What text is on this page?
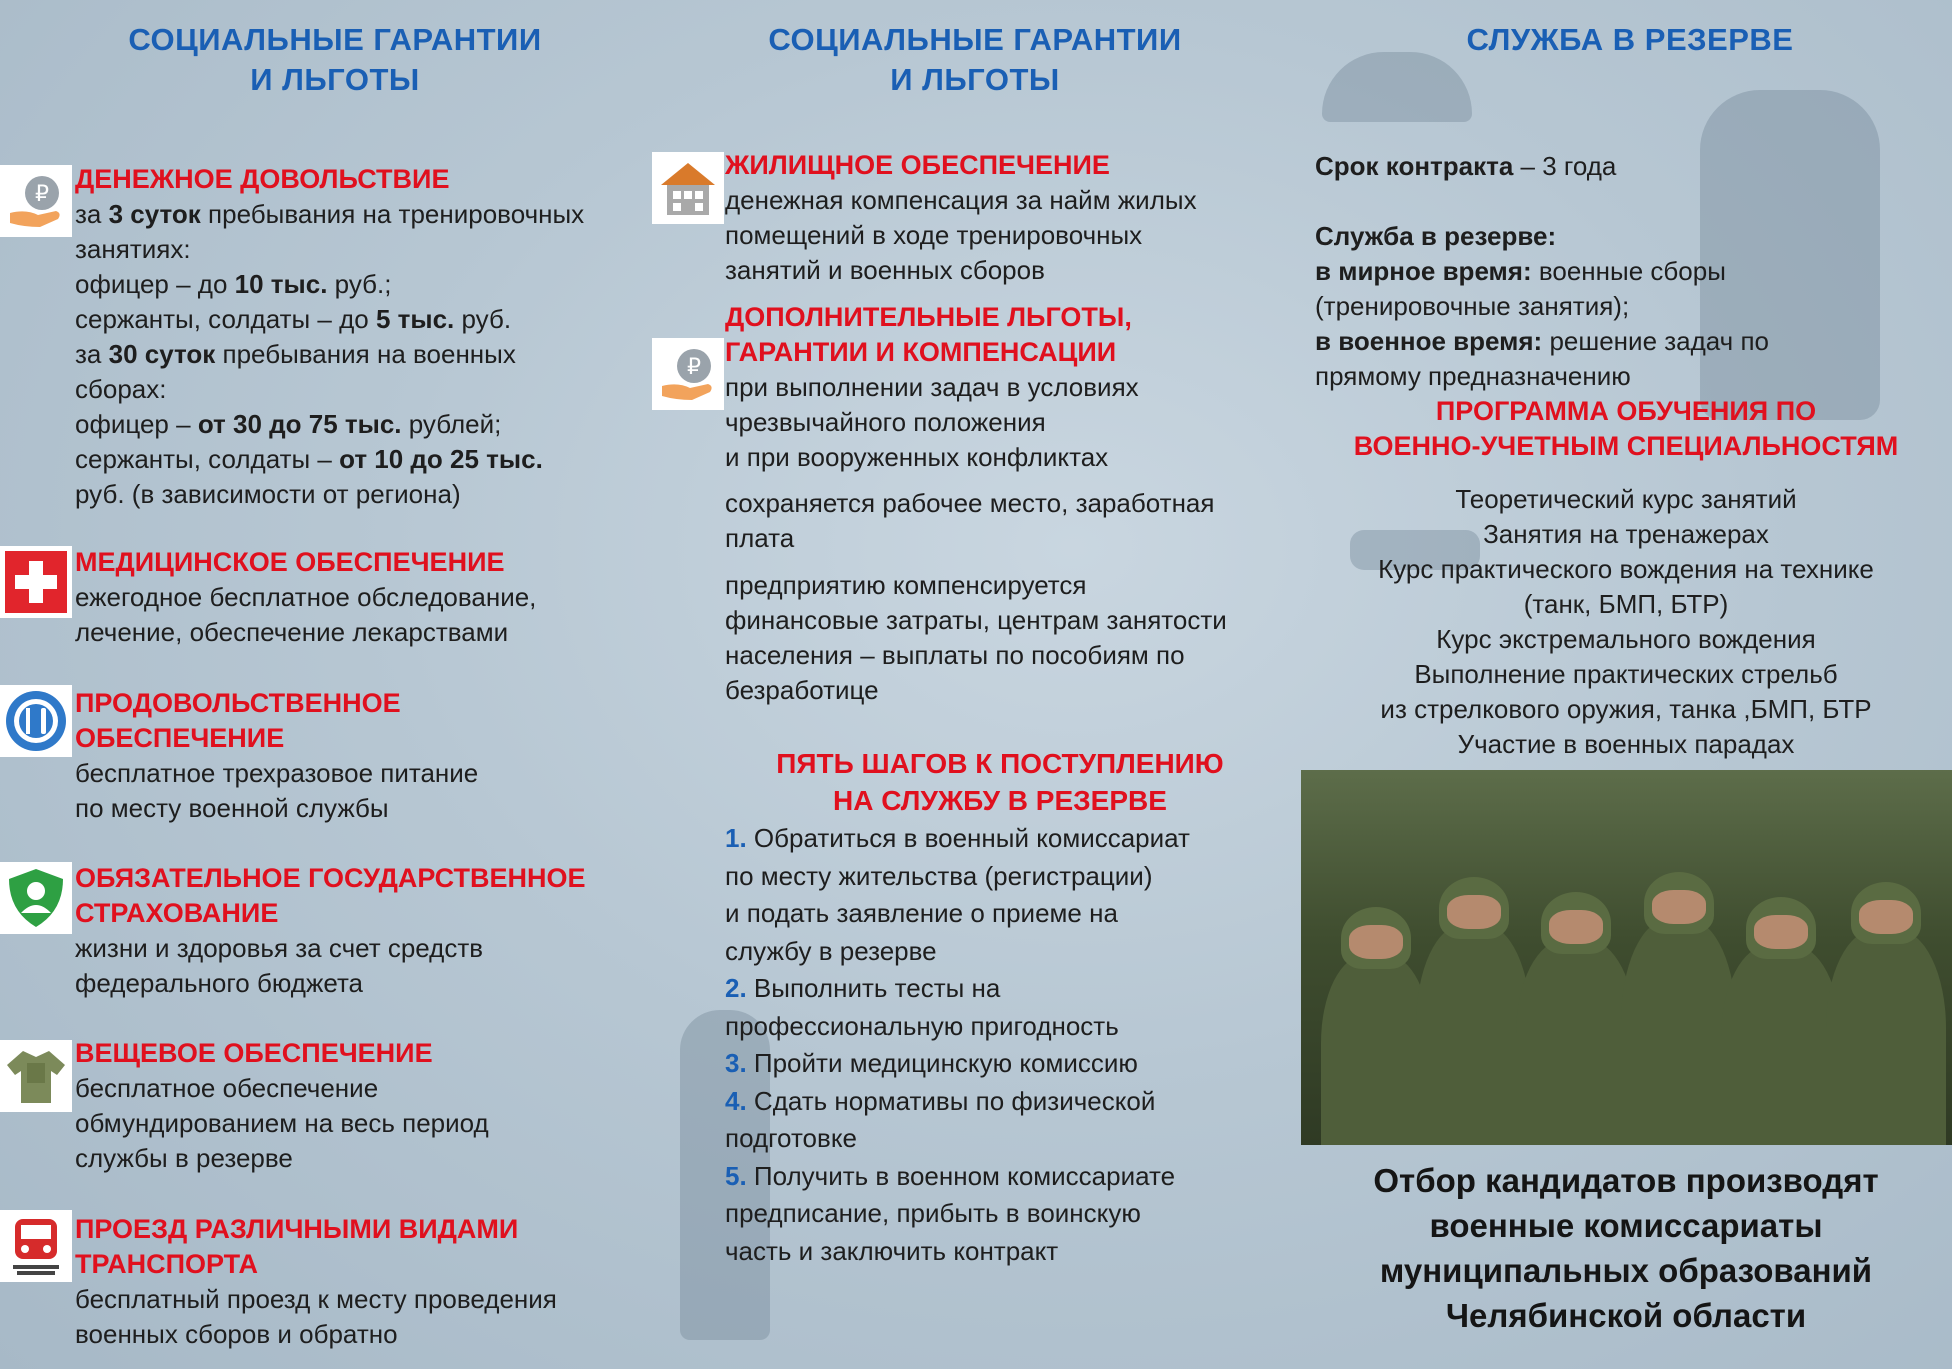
СОЦИАЛЬНЫЕ ГАРАНТИИ
И ЛЬГОТЫ
₽
ДЕНЕЖНОЕ ДОВОЛЬСТВИЕ
за 3 суток пребывания на тренировочных
занятиях:
офицер – до 10 тыс. руб.;
сержанты, солдаты – до 5 тыс. руб.
за 30 суток пребывания на военных
сборах:
офицер – от 30 до 75 тыс. рублей;
сержанты, солдаты – от 10 до 25 тыс.
руб. (в зависимости от региона)
МЕДИЦИНСКОЕ ОБЕСПЕЧЕНИЕ
ежегодное бесплатное обследование,
лечение, обеспечение лекарствами
ПРОДОВОЛЬСТВЕННОЕ
ОБЕСПЕЧЕНИЕ
бесплатное трехразовое питание
по месту военной службы
ОБЯЗАТЕЛЬНОЕ ГОСУДАРСТВЕННОЕ
СТРАХОВАНИЕ
жизни и здоровья за счет средств
федерального бюджета
ВЕЩЕВОЕ ОБЕСПЕЧЕНИЕ
бесплатное обеспечение
обмундированием на весь период
службы в резерве
ПРОЕЗД РАЗЛИЧНЫМИ ВИДАМИ
ТРАНСПОРТА
бесплатный проезд к месту проведения
военных сборов и обратно
СОЦИАЛЬНЫЕ ГАРАНТИИ
И ЛЬГОТЫ
ЖИЛИЩНОЕ ОБЕСПЕЧЕНИЕ
денежная компенсация за найм жилых
помещений в ходе тренировочных
занятий и военных сборов
₽
ДОПОЛНИТЕЛЬНЫЕ ЛЬГОТЫ,
ГАРАНТИИ И КОМПЕНСАЦИИ
при выполнении задач в условиях
чрезвычайного положения
и при вооруженных конфликтах
сохраняется рабочее место, заработная
плата
предприятию компенсируется
финансовые затраты, центрам занятости
населения – выплаты по пособиям по
безработице
ПЯТЬ ШАГОВ К ПОСТУПЛЕНИЮ
НА СЛУЖБУ В РЕЗЕРВЕ
1. Обратиться в военный комиссариат
по месту жительства (регистрации)
и подать заявление о приеме на
службу в резерве
2. Выполнить тесты на
профессиональную пригодность
3. Пройти медицинскую комиссию
4. Сдать нормативы по физической
подготовке
5. Получить в военном комиссариате
предписание, прибыть в воинскую
часть и заключить контракт
СЛУЖБА В РЕЗЕРВЕ
Срок контракта – 3 года
Служба в резерве:
в мирное время: военные сборы
(тренировочные занятия);
в военное время: решение задач по
прямому предназначению
ПРОГРАММА ОБУЧЕНИЯ ПО
ВОЕННО-УЧЕТНЫМ СПЕЦИАЛЬНОСТЯМ
Теоретический курс занятий
Занятия на тренажерах
Курс практического вождения на технике
(танк, БМП, БТР)
Курс экстремального вождения
Выполнение практических стрельб
из стрелкового оружия, танка ,БМП, БТР
Участие в военных парадах
Отбор кандидатов производят
военные комиссариаты
муниципальных образований
Челябинской области
